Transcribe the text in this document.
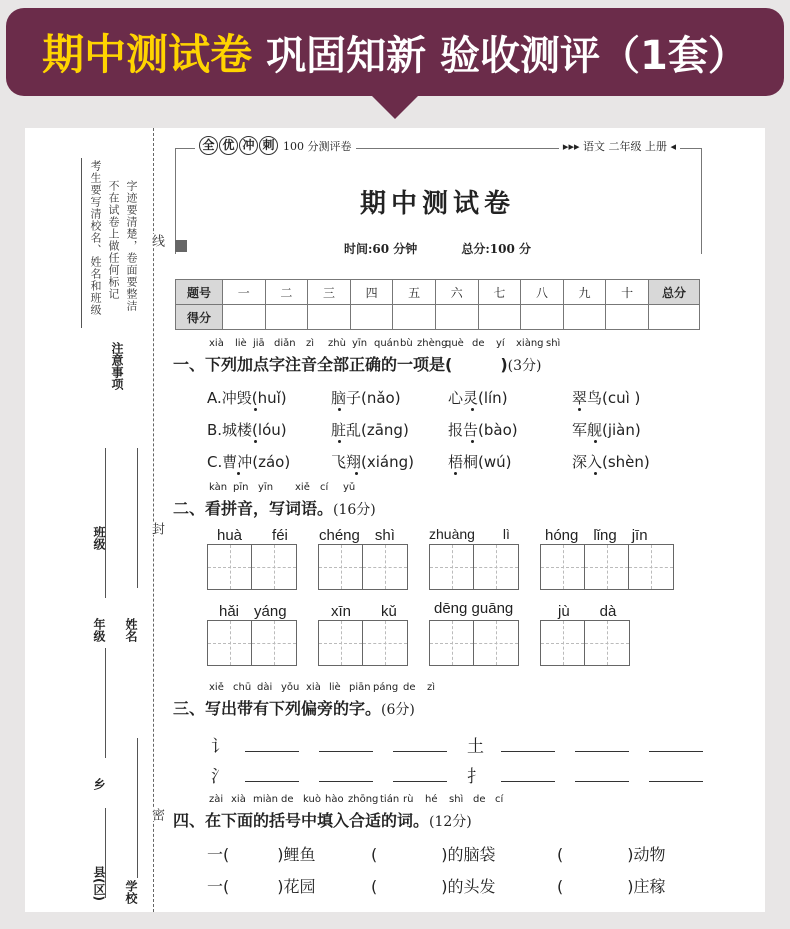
期中测试卷 巩固知新 验收测评（1套）
考生要写清校名、姓名和班级 不在试卷上做任何标记 字迹要清楚，卷面要整洁
注意事项
班级
年级 姓名
乡
县(区) 学校
线
封
密
全 优 冲 刺 100 分测评卷	▸▸▸ 语文 二年级 上册 ◂
期中测试卷
时间:60 分钟　　	总分:100 分
题号	一	二	三	四	五	六	七	八	九	十	总分
得分											
一、下列加点字注音全部正确的一项是(　　　)(3分)
xià liè jiā diǎn zì zhù yīn quán bù zhèng
què de yí xiàng shì
A.冲毁(huǐ)	脑子(nǎo)	心灵(lín)	翠鸟(cuì )
B.城楼(lóu)	脏乱(zāng)	报告(bào)	军舰(jiàn)
C.曹冲(záo)	飞翔(xiáng) 梧桐(wú)	深入(shèn)
二、看拼音，写词语。(16分)
kàn pīn yīn xiě cí yǔ
huà　　féi chéng　shì zhuàng　　lì hóng　lǐng　jīn
hǎi　yáng	xīn　　kǔ dēng guāng	jù　　dà
三、写出带有下列偏旁的字。(6分)
xiě chū dài yǒu xià liè piān páng de zì
讠	土
氵	扌
四、在下面的括号中填入合适的词。(12分)
zài xià miàn de kuò hào zhōng tián rù hé shì de cí
一(　　　)鲤鱼	(　　　　)的脑袋	(　　　　)动物
一(　　　)花园	(　　　　)的头发	(　　　　)庄稼
